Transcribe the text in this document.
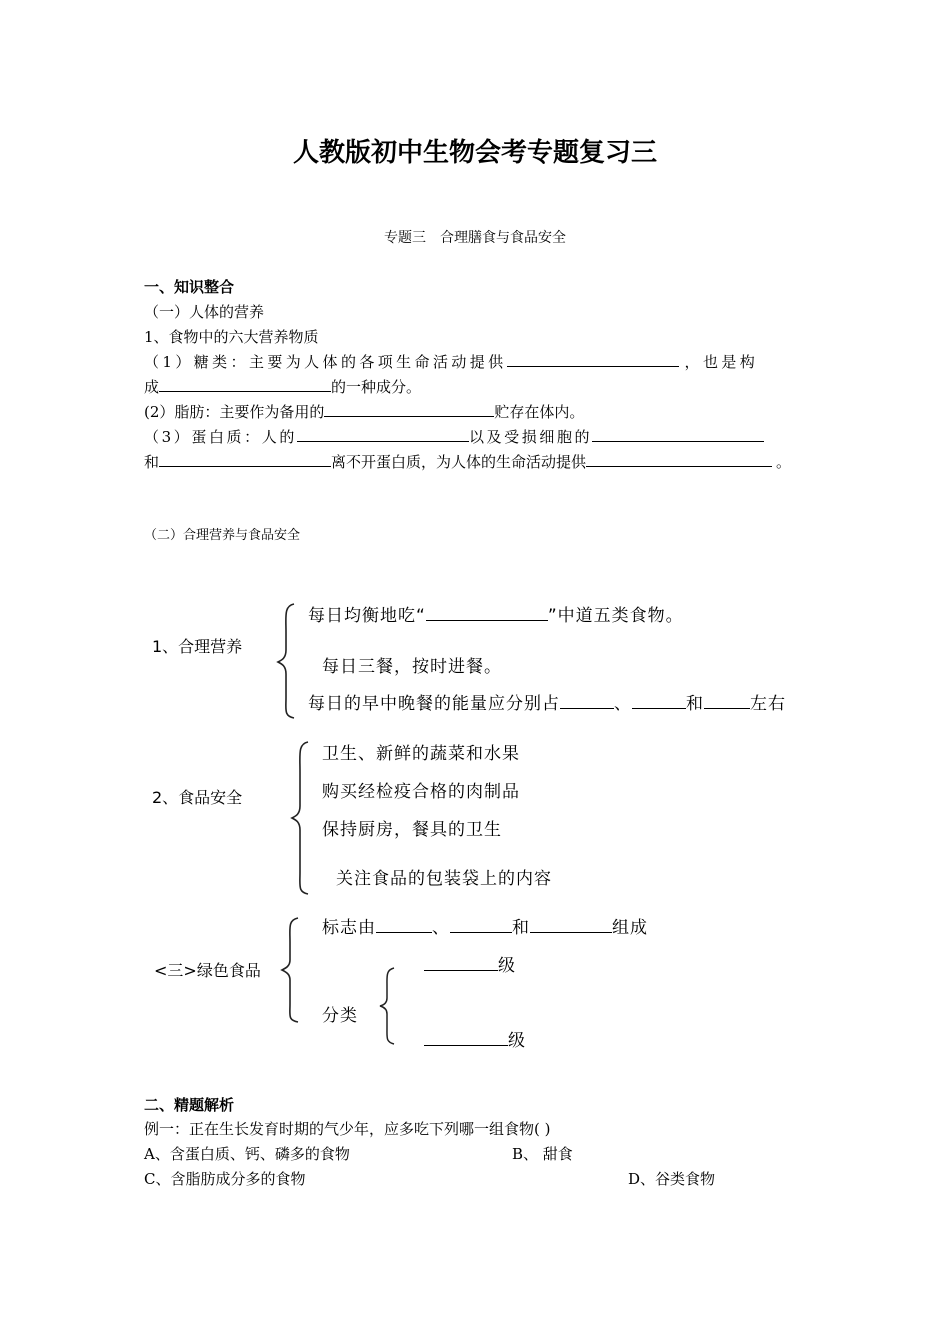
人教版初中生物会考专题复习三
专题三　合理膳食与食品安全
一、知识整合
（一）人体的营养
1、食物中的六大营养物质
（1）糖类：主要为人体的各项生命活动提供	，也是构
成	的一种成分。
(2）脂肪：主要作为备用的	贮存在体内。
（3）蛋白质：人的	以及受损细胞的
和	离不开蛋白质，为人体的生命活动提供	。
（二）合理营养与食品安全
1、合理营养
每日均衡地吃“	”中道五类食物。
每日三餐，按时进餐。
每日的早中晚餐的能量应分别占	、	和	左右
2、食品安全
卫生、新鲜的蔬菜和水果
购买经检疫合格的肉制品
保持厨房，餐具的卫生
关注食品的包装袋上的内容
<三>绿色食品
标志由	、	和	组成
分类
级
级
二、精题解析
例一：正在生长发育时期的气少年，应多吃下列哪一组食物( )
A、含蛋白质、钙、磷多的食物	B、 甜食
C、含脂肪成分多的食物	D、谷类食物
